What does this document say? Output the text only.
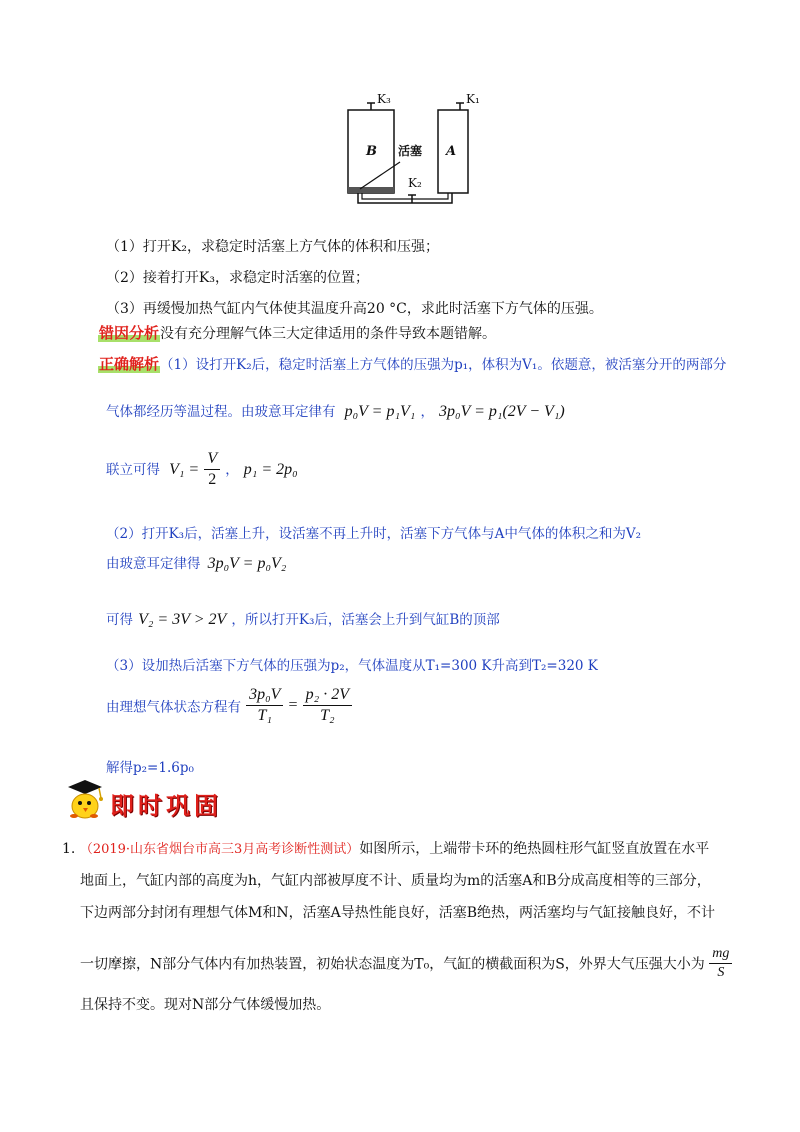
B	A
活塞
K₃	K₁
K₂
（1）打开K₂，求稳定时活塞上方气体的体积和压强；
（2）接着打开K₃，求稳定时活塞的位置；
（3）再缓慢加热气缸内气体使其温度升高20 °C，求此时活塞下方气体的压强。
错因分析没有充分理解气体三大定律适用的条件导致本题错解。
正确解析（1）设打开K₂后，稳定时活塞上方气体的压强为p₁，体积为V₁。依题意，被活塞分开的两部分
气体都经历等温过程。由玻意耳定律有 p₀V = p₁V₁ ， 3p₀V = p₁(2V − V₁)
联立可得 $V_1 = \frac{V}{2}$ ， p₁ = 2p₀
（2）打开K₃后，活塞上升，设活塞不再上升时，活塞下方气体与A中气体的体积之和为V₂
由玻意耳定律得 3p₀V = p₀V₂
可得 V₂ = 3V > 2V ，所以打开K₃后，活塞会上升到气缸B的顶部
（3）设加热后活塞下方气体的压强为p₂，气体温度从T₁=300 K升高到T₂=320 K
由理想气体状态方程有 $\frac{\text{3p₀V}}{\text{T₁}} = \frac{\text{p₂ · 2V}}{\text{T₂}}$
解得p₂=1.6p₀
即时巩固
1. （2019·山东省烟台市高三3月高考诊断性测试）如图所示，上端带卡环的绝热圆柱形气缸竖直放置在水平
地面上，气缸内部的高度为h，气缸内部被厚度不计、质量均为m的活塞A和B分成高度相等的三部分，
下边两部分封闭有理想气体M和N，活塞A导热性能良好，活塞B绝热，两活塞均与气缸接触良好，不计
一切摩擦，N部分气体内有加热装置，初始状态温度为T₀，气缸的横截面积为S，外界大气压强大小为 $\frac{mg}{S}$
且保持不变。现对N部分气体缓慢加热。
